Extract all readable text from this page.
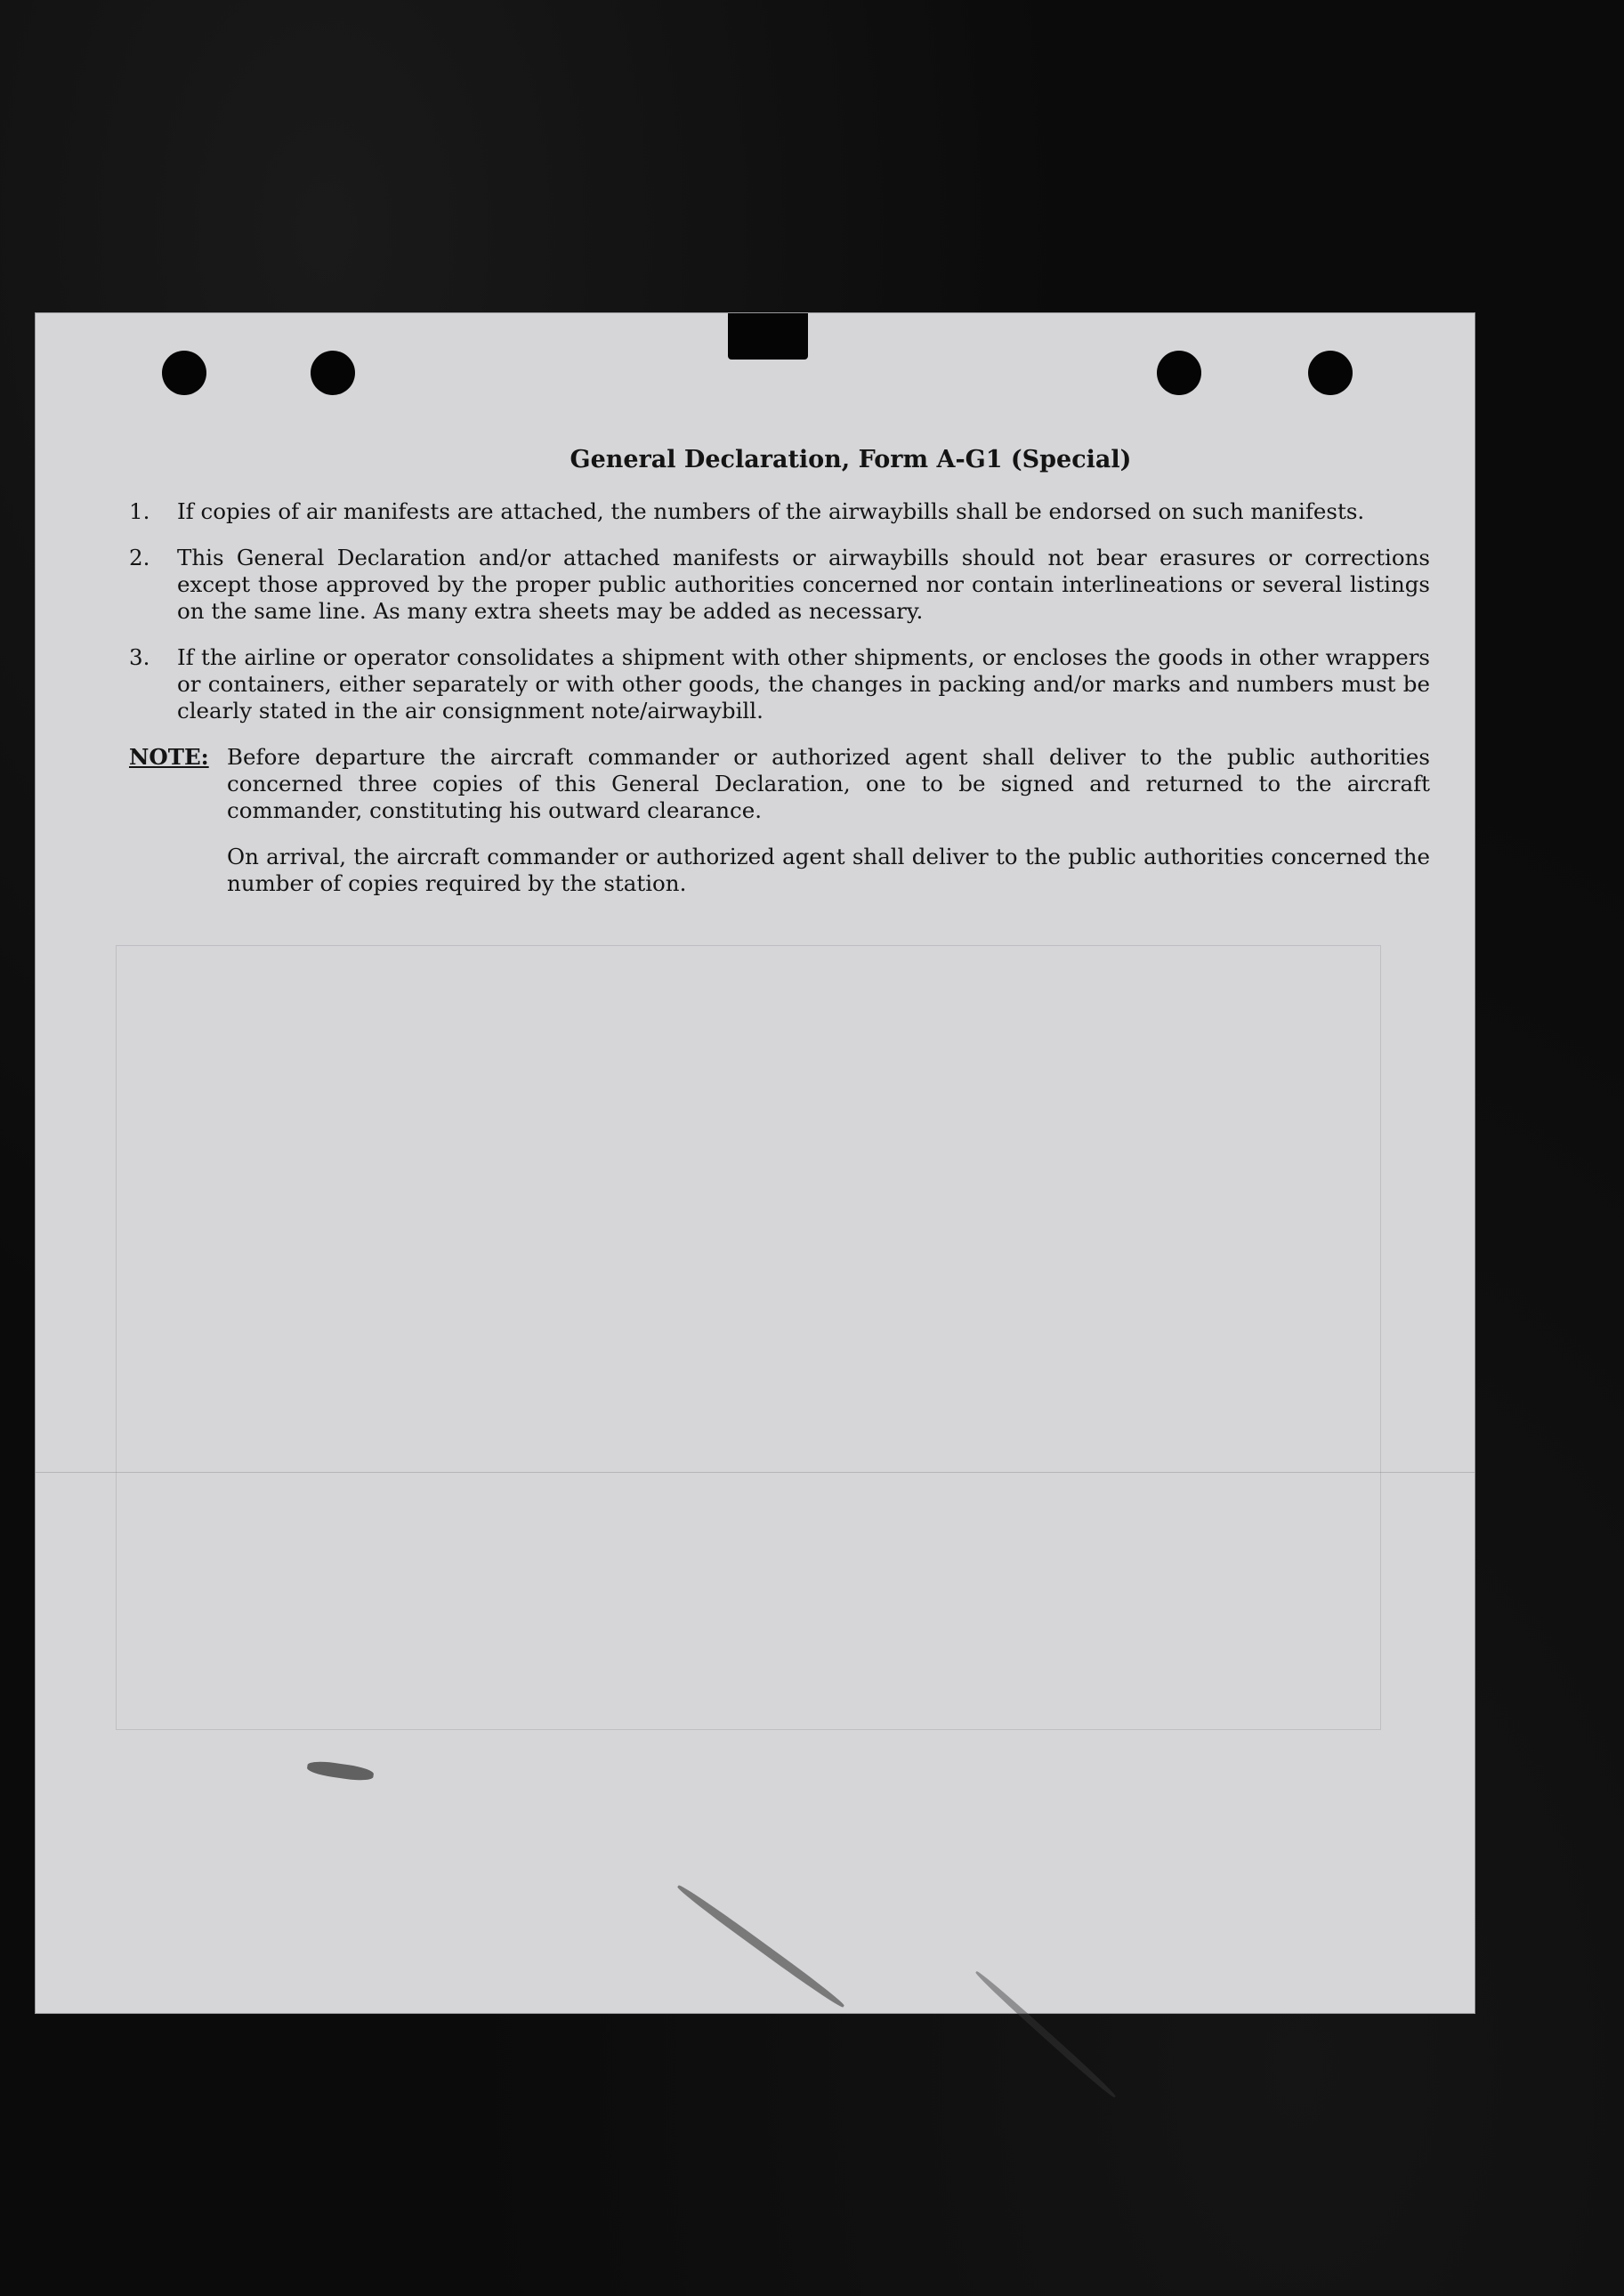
General Declaration, Form A-G1 (Special)
1.	If copies of air manifests are attached, the numbers of the airwaybills shall be endorsed on such manifests.
2.	This General Declaration and/or attached manifests or airwaybills should not bear erasures or corrections except those approved by the proper public authorities concerned nor contain interlineations or several listings on the same line. As many extra sheets may be added as necessary.
3.	If the airline or operator consolidates a shipment with other shipments, or encloses the goods in other wrappers or containers, either separately or with other goods, the changes in packing and/or marks and numbers must be clearly stated in the air consignment note/airwaybill.
NOTE: Before departure the aircraft commander or authorized agent shall deliver to the public authorities concerned three copies of this General Declaration, one to be signed and returned to the aircraft commander, constituting his outward clearance.

On arrival, the aircraft commander or authorized agent shall deliver to the public authorities concerned the number of copies required by the station.
